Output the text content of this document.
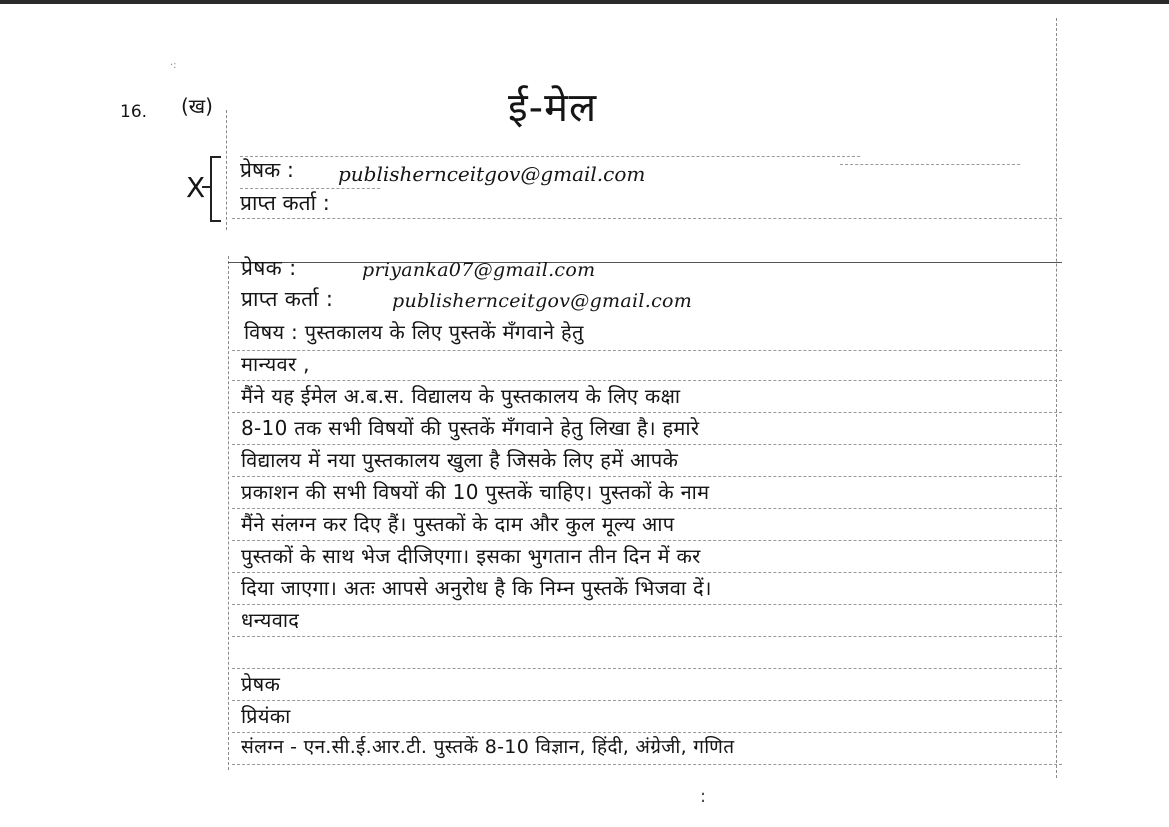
·:
16. (ख)	ई-मेल
X
प्रेषक : publishernceitgov@gmail.com
प्राप्त कर्ता :
प्रेषक :	priyanka07@gmail.com
प्राप्त कर्ता :	publishernceitgov@gmail.com
विषय : पुस्तकालय के लिए पुस्तकें मँगवाने हेतु
मान्यवर ,
मैंने यह ईमेल अ.ब.स. विद्यालय के पुस्तकालय के लिए कक्षा
8-10 तक सभी विषयों की पुस्तकें मँगवाने हेतु लिखा है। हमारे
विद्यालय में नया पुस्तकालय खुला है जिसके लिए हमें आपके
प्रकाशन की सभी विषयों की 10 पुस्तकें चाहिए। पुस्तकों के नाम
मैंने संलग्न कर दिए हैं। पुस्तकों के दाम और कुल मूल्य आप
पुस्तकों के साथ भेज दीजिएगा। इसका भुगतान तीन दिन में कर
दिया जाएगा। अतः आपसे अनुरोध है कि निम्न पुस्तकें भिजवा दें।
धन्यवाद
प्रेषक
प्रियंका
संलग्न - एन.सी.ई.आर.टी. पुस्तकें 8-10 विज्ञान, हिंदी, अंग्रेजी, गणित
:
